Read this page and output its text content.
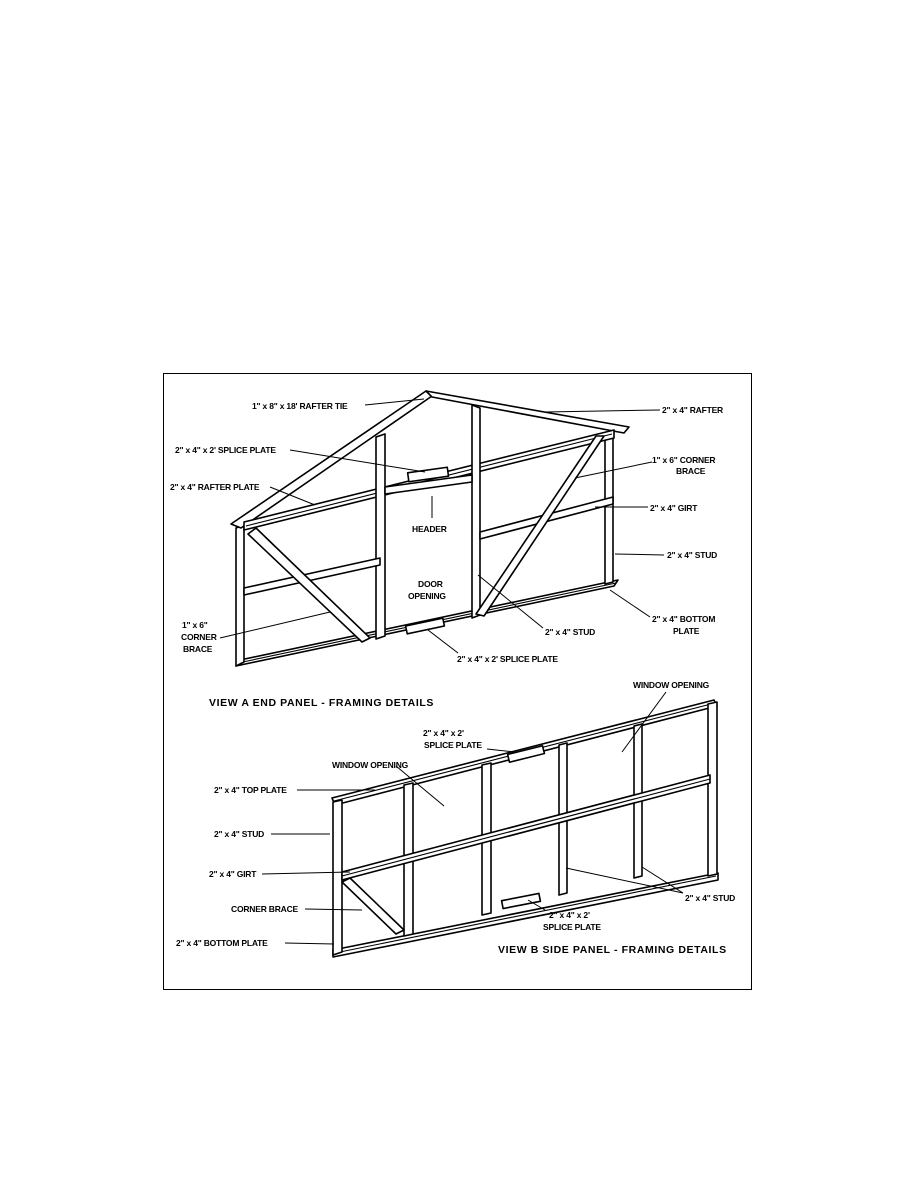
1" x 8" x 18' RAFTER TIE	2" x 4" RAFTER
2" x 4" x 2' SPLICE PLATE
1" x 6" CORNER
BRACE
2" x 4" RAFTER PLATE
2" x 4" GIRT
HEADER
2" x 4" STUD
DOOR
OPENING
1" x 6"
CORNER
BRACE
2" x 4" STUD
2" x 4" BOTTOM
PLATE
2" x 4" x 2' SPLICE PLATE
VIEW A END PANEL - FRAMING DETAILS
WINDOW OPENING
2" x 4" x 2'
SPLICE PLATE
WINDOW OPENING
2" x 4" TOP PLATE
2" x 4" STUD
2" x 4" GIRT
CORNER BRACE
2" x 4" BOTTOM PLATE
2" x 4" STUD
2" x 4" x 2'
SPLICE PLATE
VIEW B SIDE PANEL - FRAMING DETAILS
